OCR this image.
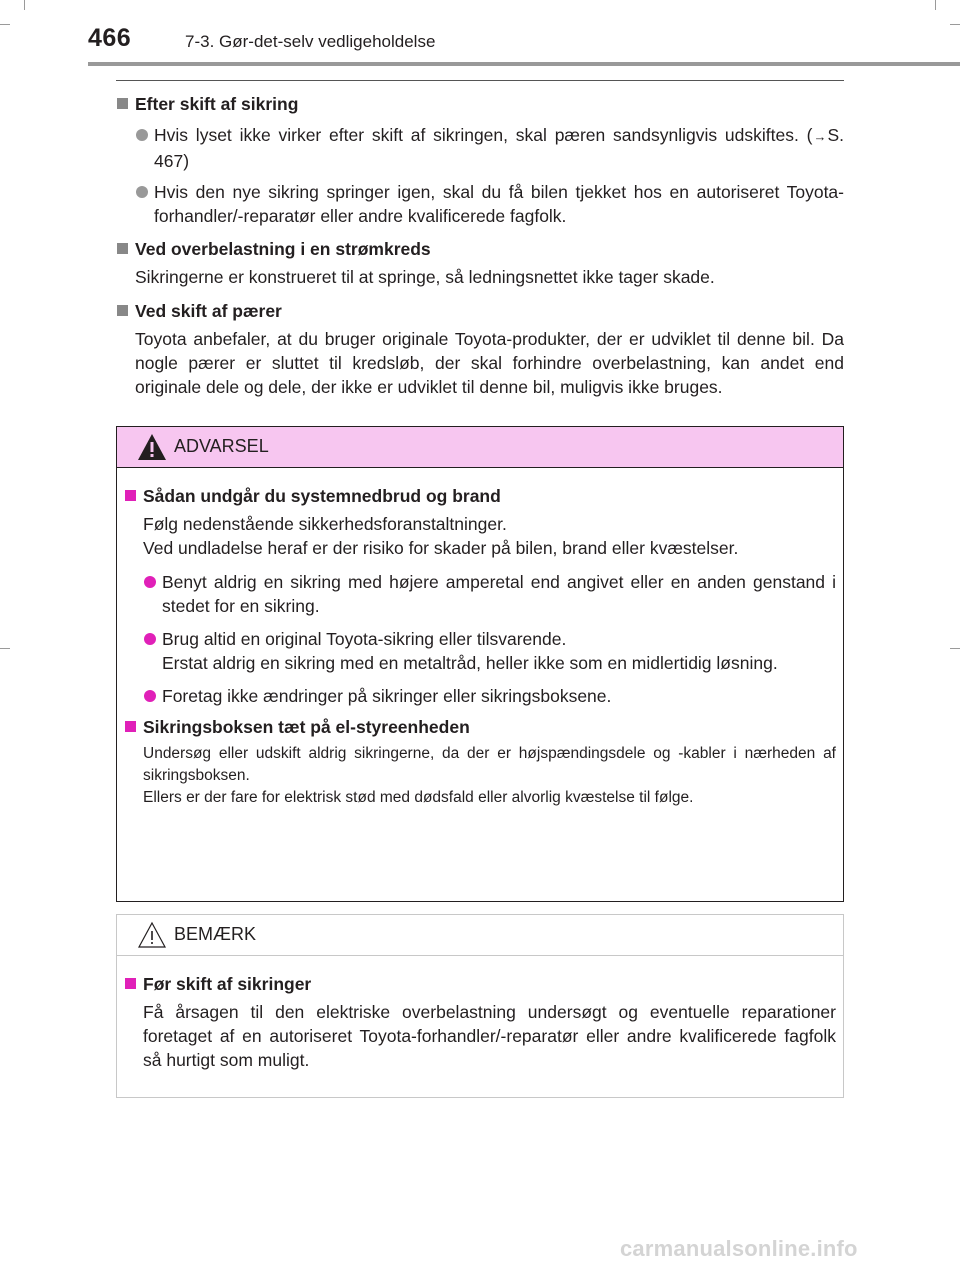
466	7-3. Gør-det-selv vedligeholdelse
Efter skift af sikring
Hvis lyset ikke virker efter skift af sikringen, skal pæren sandsynligvis udskiftes. (→S. 467)
Hvis den nye sikring springer igen, skal du få bilen tjekket hos en autoriseret Toyota-forhandler/-reparatør eller andre kvalificerede fagfolk.
Ved overbelastning i en strømkreds
Sikringerne er konstrueret til at springe, så ledningsnettet ikke tager skade.
Ved skift af pærer
Toyota anbefaler, at du bruger originale Toyota-produkter, der er udviklet til denne bil. Da nogle pærer er sluttet til kredsløb, der skal forhindre overbelastning, kan andet end originale dele og dele, der ikke er udviklet til denne bil, muligvis ikke bruges.
ADVARSEL
Sådan undgår du systemnedbrud og brand
Følg nedenstående sikkerhedsforanstaltninger.
Ved undladelse heraf er der risiko for skader på bilen, brand eller kvæstelser.
Benyt aldrig en sikring med højere amperetal end angivet eller en anden genstand i stedet for en sikring.
Brug altid en original Toyota-sikring eller tilsvarende.
Erstat aldrig en sikring med en metaltråd, heller ikke som en midlertidig løsning.
Foretag ikke ændringer på sikringer eller sikringsboksene.
Sikringsboksen tæt på el-styreenheden
Undersøg eller udskift aldrig sikringerne, da der er højspændingsdele og -kabler i nærheden af sikringsboksen.
Ellers er der fare for elektrisk stød med dødsfald eller alvorlig kvæstelse til følge.
BEMÆRK
Før skift af sikringer
Få årsagen til den elektriske overbelastning undersøgt og eventuelle reparationer foretaget af en autoriseret Toyota-forhandler/-reparatør eller andre kvalificerede fagfolk så hurtigt som muligt.
carmanualsonline.info
